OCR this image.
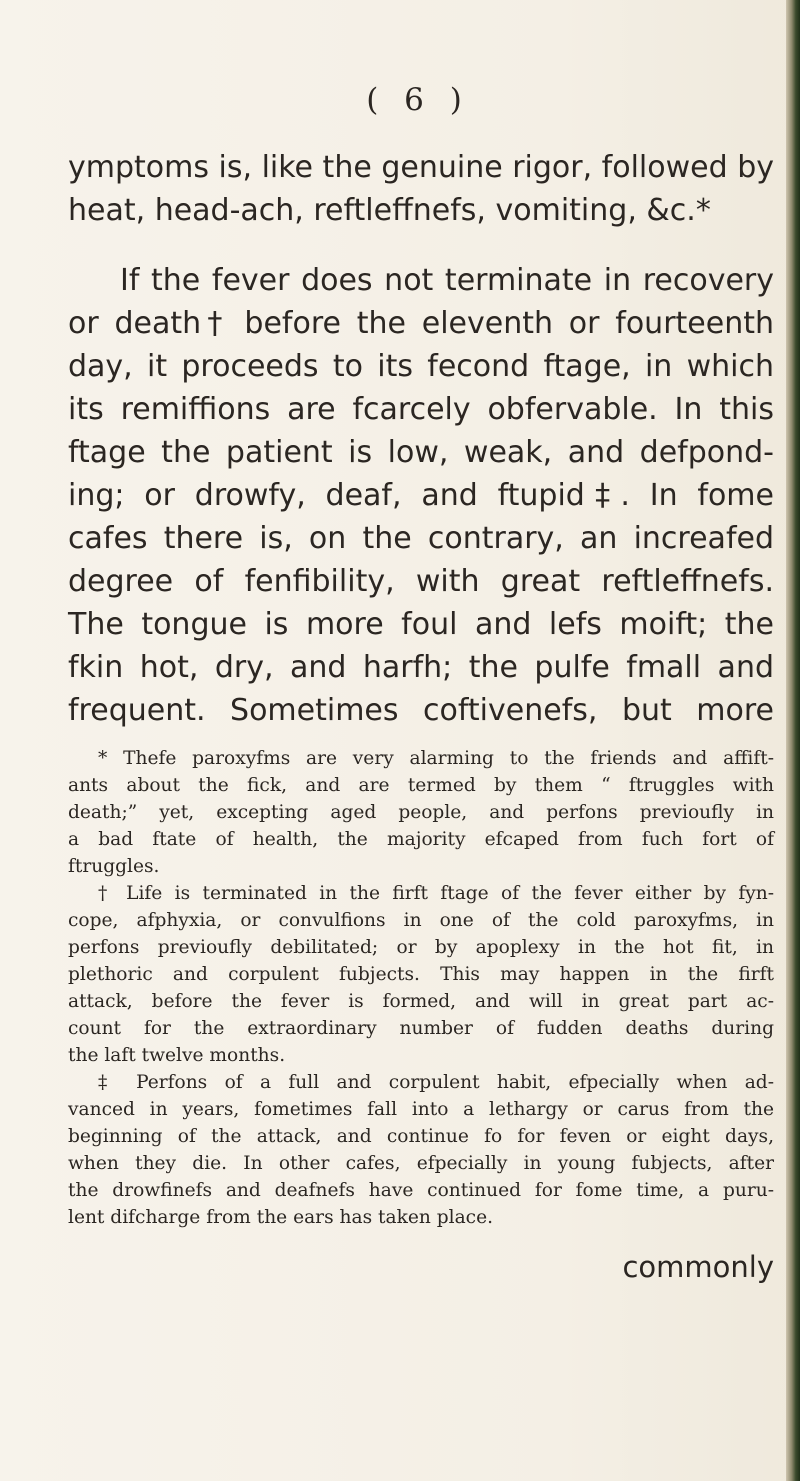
( 6 )
ymptoms is, like the genuine rigor, followed by
heat, head-ach, reftleffnefs, vomiting, &c.*
If the fever does not terminate in recovery
or death† before the eleventh or fourteenth
day, it proceeds to its fecond ftage, in which
its remiffions are fcarcely obfervable. In this
ftage the patient is low, weak, and defpond-
ing; or drowfy, deaf, and ftupid‡. In fome
cafes there is, on the contrary, an increafed
degree of fenfibility, with great reftleffnefs.
The tongue is more foul and lefs moift; the
fkin hot, dry, and harfh; the pulfe fmall and
frequent. Sometimes coftivenefs, but more
* Thefe paroxyfms are very alarming to the friends and affift-
ants about the fick, and are termed by them “ ftruggles with
death;” yet, excepting aged people, and perfons previoufly in
a bad ftate of health, the majority efcaped from fuch fort of
ftruggles.
† Life is terminated in the firft ftage of the fever either by fyn-
cope, afphyxia, or convulfions in one of the cold paroxyfms, in
perfons previoufly debilitated; or by apoplexy in the hot fit, in
plethoric and corpulent fubjects. This may happen in the firft
attack, before the fever is formed, and will in great part ac-
count for the extraordinary number of fudden deaths during
the laft twelve months.
‡ Perfons of a full and corpulent habit, efpecially when ad-
vanced in years, fometimes fall into a lethargy or carus from the
beginning of the attack, and continue fo for feven or eight days,
when they die. In other cafes, efpecially in young fubjects, after
the drowfinefs and deafnefs have continued for fome time, a puru-
lent difcharge from the ears has taken place.
commonly
